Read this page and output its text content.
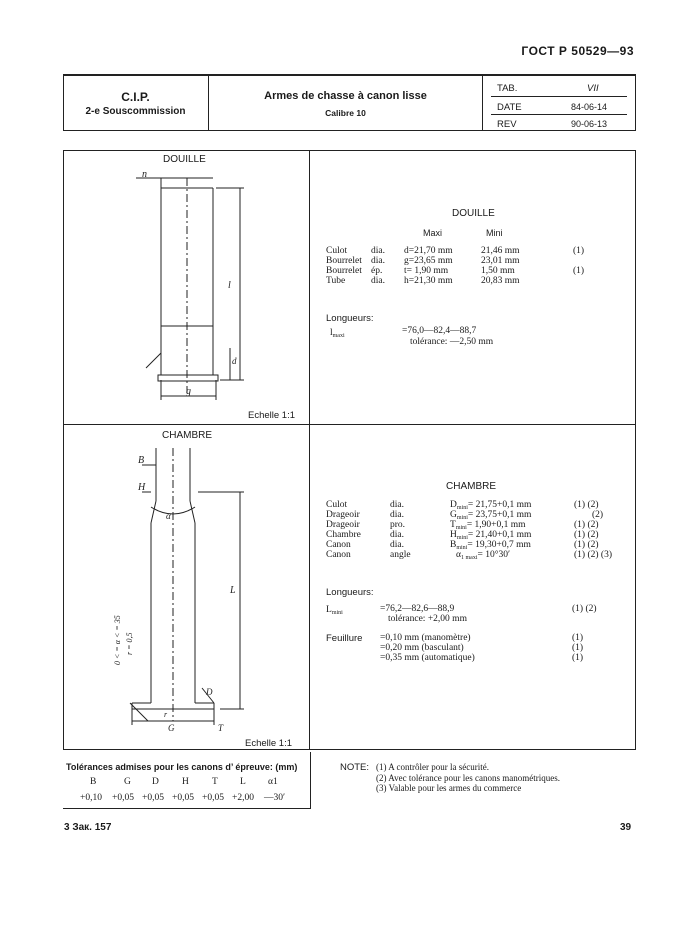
ГОСТ Р 50529—93
C.I.P.
2-e Souscommission
Armes de chasse à canon lisse
Calibre 10
TAB.	VII
DATE	84-06-14
REV	90-06-13
DOUILLE
n
l
d
g
Echelle 1:1
DOUILLE
Maxi	Mini
Culot	dia. d=21,70 mm	21,46 mm	(1)
Bourrelet dia. g=23,65 mm	23,01 mm
Bourrelet ép. t= 1,90 mm	1,50 mm	(1)
Tube	dia. h=21,30 mm	20,83 mm
Longueurs:
$l_{maxi}$	=76,0—82,4—88,7
tolérance: —2,50 mm
CHAMBRE
B
H
α
L
D
G	T
r
0 < = α < = 35 r = 0,5
Echelle 1:1
CHAMBRE
Culot	dia.	$D_{mini}= 21,75+0,1$ mm	(1) (2)
Drageoir	dia.	$G_{mini}= 23,75+0,1$ mm	(2)
Drageoir	pro.	$T_{mini}= 1,90+0,1$ mm	(1) (2)
Chambre	dia.	$H_{mini}= 21,40+0,1$ mm	(1) (2)
Canon	dia.	$B_{mini}= 19,30+0,7$ mm	(1) (2)
Canon	angle	$\alpha_{1 maxi}= 10^\circ 30'$	(1) (2) (3)
Longueurs:
$L_{mini}$	=76,2—82,6—88,9	(1) (2)
tolérance: +2,00 mm
Feuillure =0,10 mm (manomètre)	(1)
=0,20 mm (basculant)	(1)
=0,35 mm (automatique)	(1)
Tolérances admises pour les canons d’ épreuve: (mm)
B	G D H T L α1
+0,10 +0,05 +0,05 +0,05 +0,05 +2,00 —30′
NOTE: (1) A contrôler pour la sécurité.
(2) Avec tolérance pour les canons manométriques.
(3) Valable pour les armes du commerce
3 Зак. 157	39
